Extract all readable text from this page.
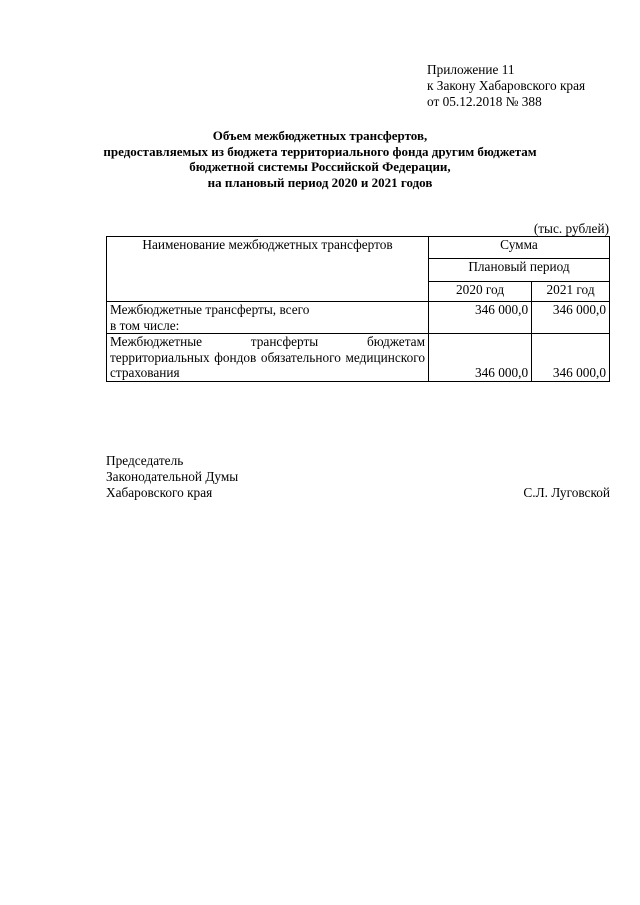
Приложение 11
к Закону Хабаровского края
от 05.12.2018 № 388
Объем межбюджетных трансфертов,
предоставляемых из бюджета территориального фонда другим бюджетам
бюджетной системы Российской Федерации,
на плановый период 2020 и 2021 годов
(тыс. рублей)
Наименование межбюджетных трансфертов	Сумма	
	Плановый период	
	2020 год	2021 год

Межбюджетные трансферты, всего
в том числе:	346 000,0	346 000,0
Межбюджетные трансферты бюджетам территориальных фондов обязательного медицинского страхования	346 000,0	346 000,0
Председатель
Законодательной Думы
Хабаровского края	С.Л. Луговской
